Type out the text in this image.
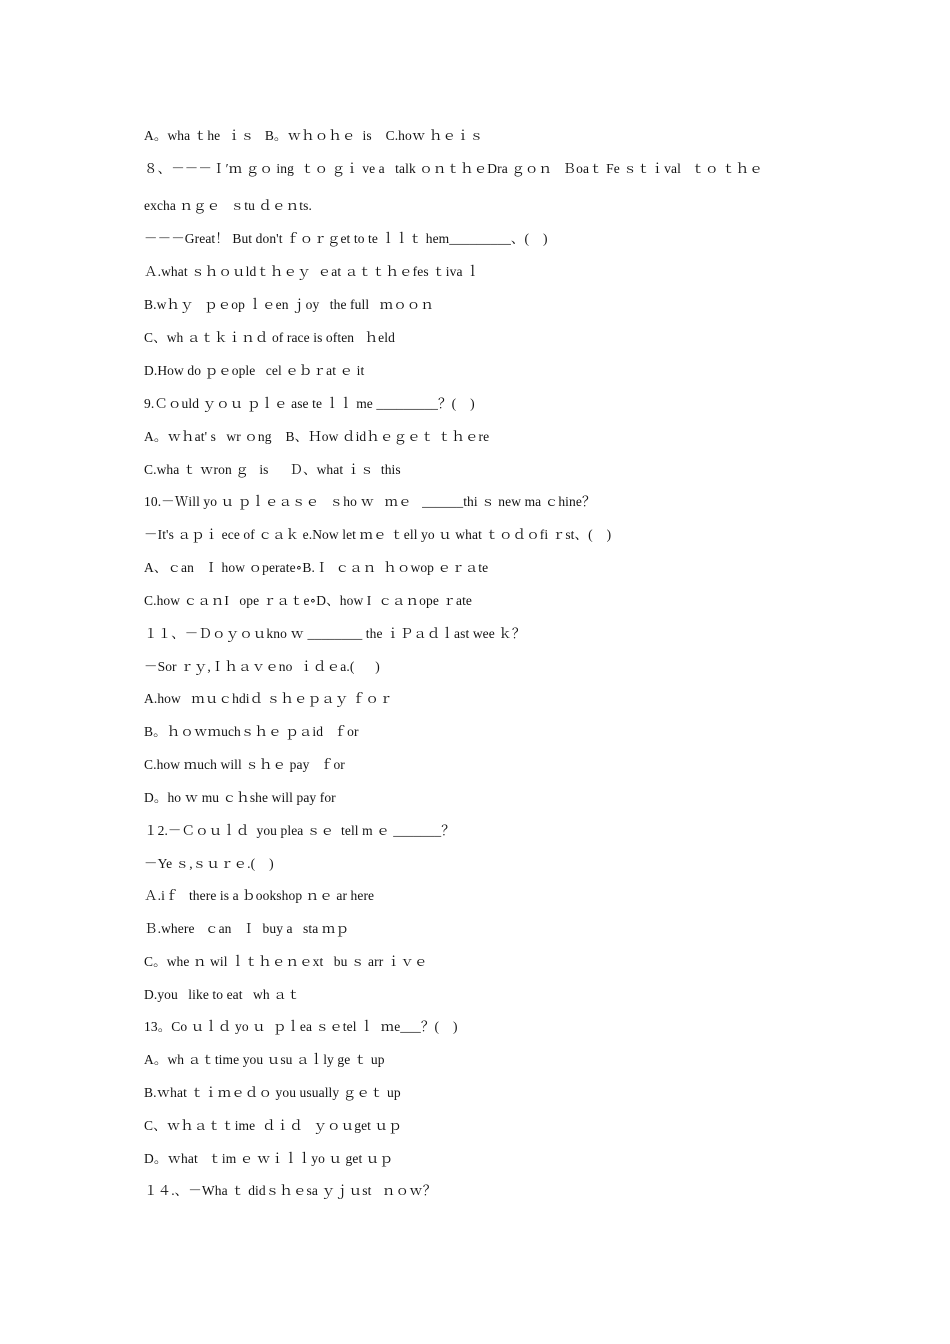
A。wha ｔhe  ｉｓ   B。ｗｈｏｈｅ  is    C.hoｗ ｈｅｉｓ
８、－－－Ｉ′ｍ ｇｏ ing  ｔｏ ｇｉ ve a   talk ｏｎｔｈｅDra ｇｏｎ   Ｂoaｔ Fe ｓｔｉval   ｔｏ ｔｈｅ
excha ｎｇｅ   ｓtu ｄｅｎts.
－－－Great！ But don't ｆｏｒｇet to te ｌｌｔ hem_________、(    )
Ａ.what ｓｈｏｕldｔｈｅｙ  ｅat ａｔｔｈｅfes ｔiva ｌ
B.wｈｙ   ｐｅop ｌｅen ｊoy   the full   ｍｏｏｎ
C、wh ａｔｋｉｎｄ of race is often   ｈeld
D.How do ｐｅople   cel ｅｂｒat ｅ it
9.Ｃｏuld ｙｏｕ ｐｌｅ ase te ｌｌ me _________？(    )
A。ｗｈat' s   wr ｏng    B、Ｈow ｄidｈｅｇｅｔ ｔｈｅre
C.wha ｔ ｗron ｇ   is      Ｄ、what ｉｓ  this
10.－Ｗill yo ｕ ｐｌｅａｓｅ   ｓho ｗ   ｍｅ   ______thi ｓ new ma ｃhine？
－It's ａｐｉ ece of ｃａｋ e.Now let ｍｅ ｔell yo ｕ what ｔｏｄｏfi ｒst、(    )
A、ｃan   Ｉ how ｏperate∘B.Ｉ  ｃａｎ  ｈｏwop ｅｒａte
C.how ｃａｎI   ope ｒａｔe∘D、how I  ｃａｎope ｒate
１１、－Ｄｏｙｏｕkno ｗ ________ the ｉＰａｄｌast wee ｋ？
－Sor ｒｙ,Ｉｈａｖｅno  ｉｄｅa.(      )
A.how   ｍｕｃhdiｄ ｓｈｅｐａｙ ｆｏｒ
B。ｈｏｗｍuchｓｈｅ ｐａid   ｆor
C.how ｍuch will ｓｈｅ pay   ｆor
D。ho ｗ mu ｃｈshe will pay for
１2.－Ｃｏｕｌｄ  you plea ｓｅ  tell m ｅ _______？
－Ye ｓ,ｓｕｒｅ.(    )
Ａ.iｆ   there is a ｂookshop ｎｅ ar here
Ｂ.where   ｃan   Ｉ  buy a   sta ｍｐ
C。whe ｎ wil ｌｔｈｅｎｅxt   bu ｓ arr ｉｖｅ
D.you   like to eat   wh ａｔ
13。Co ｕｌｄ yo ｕ  ｐｌea ｓｅtel ｌ  ｍe___？(    )
A。wh ａｔtime you ｕsu ａｌly ge ｔ up
B.ｗhat ｔｉｍｅｄｏ you usually ｇｅｔ up
C、ｗｈａｔｔime  ｄｉｄ   ｙｏｕget ｕｐ
D。ｗhat   ｔim ｅ ｗｉｌｌyo ｕ get ｕｐ
１４.、－Wha ｔ didｓｈｅsa ｙｊｕst   ｎｏｗ？
